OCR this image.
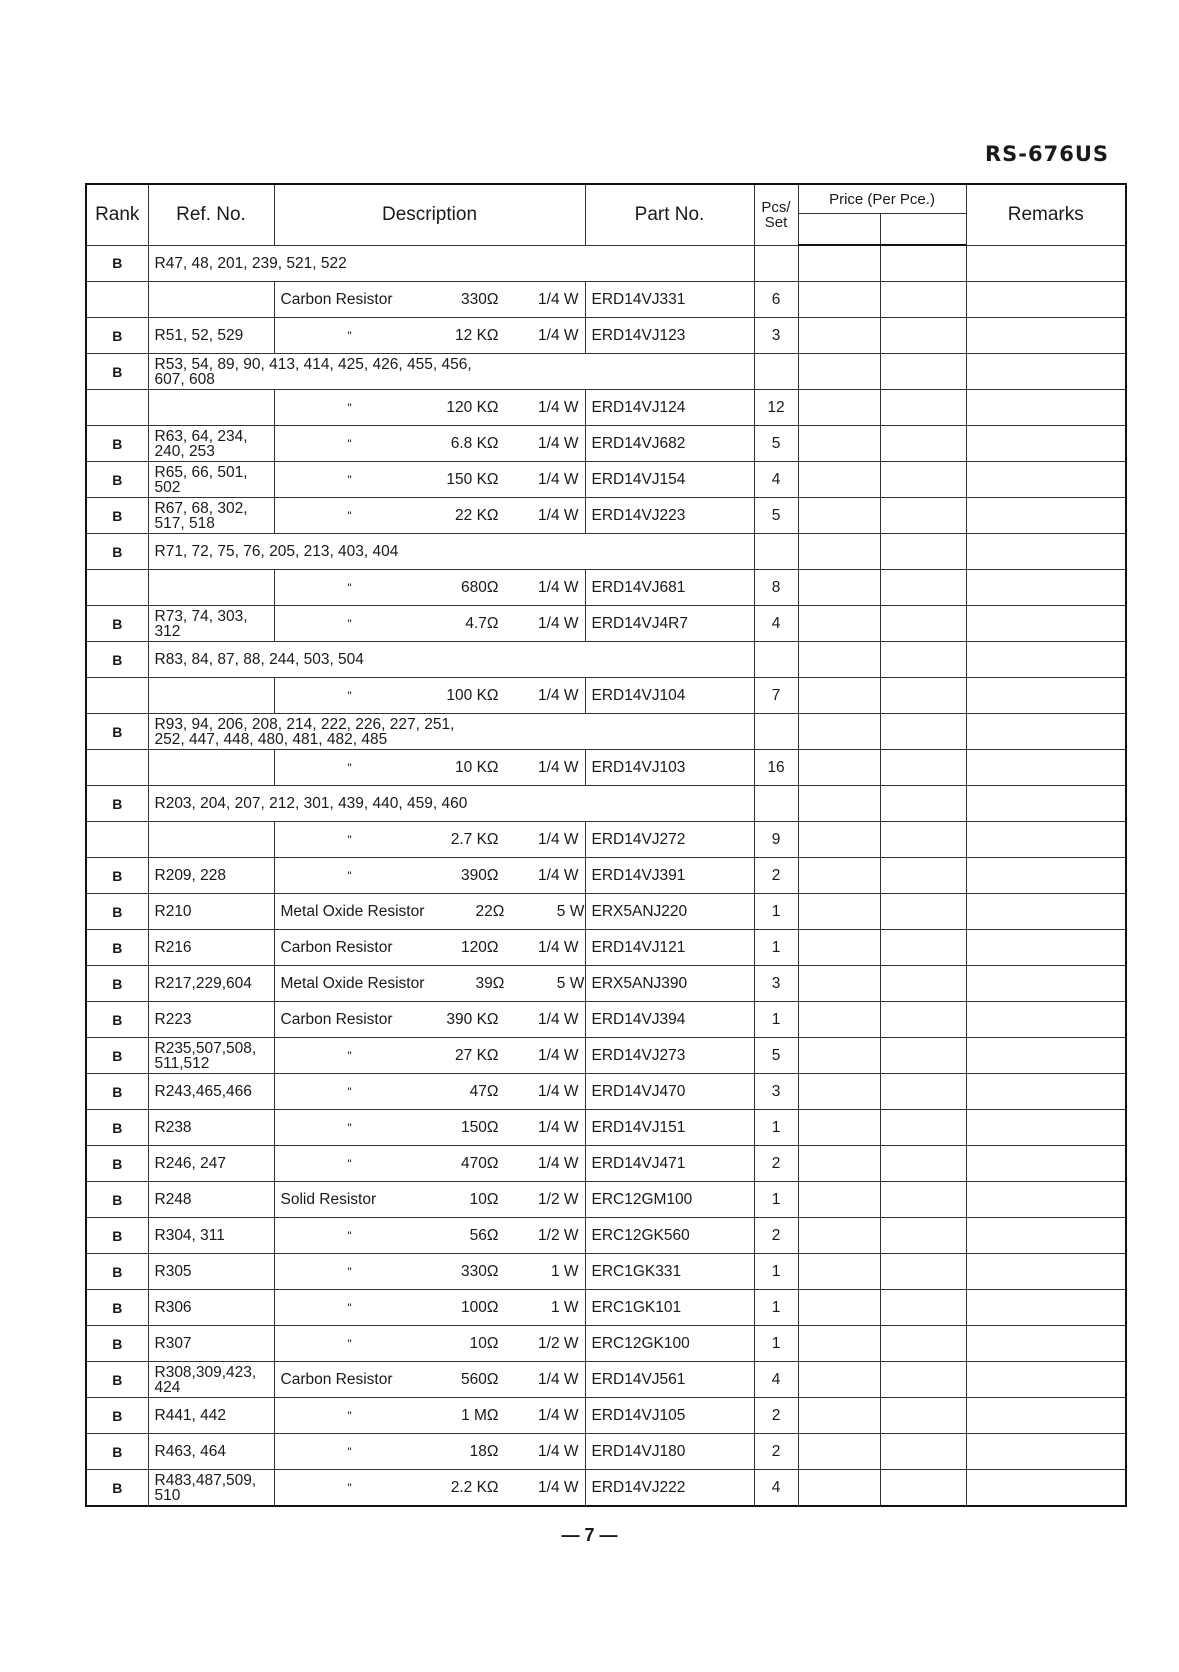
RS-676US
Rank	Ref. No.	Description	Part No.	Pcs/
Set	Price (Per Pce.)		Remarks

B	R47, 48, 201, 239, 521, 522						

		Carbon Resistor 330Ω 1/4 W	ERD14VJ331	6			
B	R51, 52, 529	" 12 KΩ 1/4 W	ERD14VJ123	3			
B	R53, 54, 89, 90, 413, 414, 425, 426, 455, 456,
607, 608						

		" 120 KΩ 1/4 W	ERD14VJ124	12			
B	R63, 64, 234,
240, 253	" 6.8 KΩ 1/4 W	ERD14VJ682	5			
B	R65, 66, 501,
502	" 150 KΩ 1/4 W	ERD14VJ154	4			
B	R67, 68, 302,
517, 518	" 22 KΩ 1/4 W	ERD14VJ223	5			
B	R71, 72, 75, 76, 205, 213, 403, 404						

		" 680Ω 1/4 W	ERD14VJ681	8			
B	R73, 74, 303,
312	" 4.7Ω 1/4 W	ERD14VJ4R7	4			
B	R83, 84, 87, 88, 244, 503, 504						

		" 100 KΩ 1/4 W	ERD14VJ104	7			
B	R93, 94, 206, 208, 214, 222, 226, 227, 251,
252, 447, 448, 480, 481, 482, 485						

		" 10 KΩ 1/4 W	ERD14VJ103	16			
B	R203, 204, 207, 212, 301, 439, 440, 459, 460						

		" 2.7 KΩ 1/4 W	ERD14VJ272	9			
B	R209, 228	" 390Ω 1/4 W	ERD14VJ391	2			
B	R210	Metal Oxide Resistor 22Ω 5 W	ERX5ANJ220	1			
B	R216	Carbon Resistor 120Ω 1/4 W	ERD14VJ121	1			
B	R217,229,604	Metal Oxide Resistor 39Ω 5 W	ERX5ANJ390	3			
B	R223	Carbon Resistor 390 KΩ 1/4 W	ERD14VJ394	1			
B	R235,507,508,
511,512	" 27 KΩ 1/4 W	ERD14VJ273	5			
B	R243,465,466	" 47Ω 1/4 W	ERD14VJ470	3			
B	R238	" 150Ω 1/4 W	ERD14VJ151	1			
B	R246, 247	" 470Ω 1/4 W	ERD14VJ471	2			
B	R248	Solid Resistor 10Ω 1/2 W	ERC12GM100	1			
B	R304, 311	" 56Ω 1/2 W	ERC12GK560	2			
B	R305	" 330Ω 1 W	ERC1GK331	1			
B	R306	" 100Ω 1 W	ERC1GK101	1			
B	R307	" 10Ω 1/2 W	ERC12GK100	1			
B	R308,309,423,
424	Carbon Resistor 560Ω 1/4 W	ERD14VJ561	4			
B	R441, 442	" 1 MΩ 1/4 W	ERD14VJ105	2			
B	R463, 464	" 18Ω 1/4 W	ERD14VJ180	2			
B	R483,487,509,
510	" 2.2 KΩ 1/4 W	ERD14VJ222	4			
— 7 —
